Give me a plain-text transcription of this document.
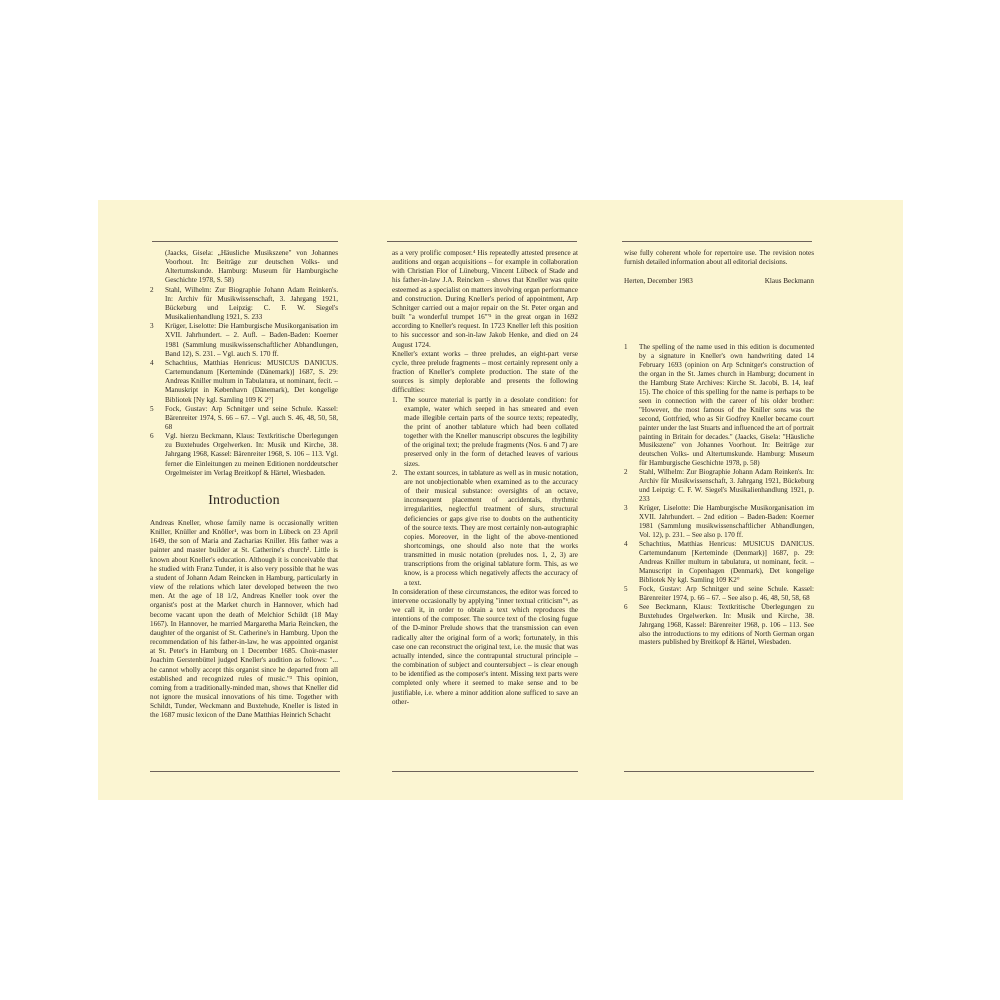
(Jaacks, Gisela: „Häusliche Musikszene" von Johannes Voorhout. In: Beiträge zur deutschen Volks- und Altertumskunde. Hamburg: Museum für Hamburgische Geschichte 1978, S. 58)
2 Stahl, Wilhelm: Zur Biographie Johann Adam Reinken's. In: Archiv für Musikwissenschaft, 3. Jahrgang 1921, Bückeburg und Leipzig: C. F. W. Siegel's Musikalienhandlung 1921, S. 233
3 Krüger, Liselotte: Die Hamburgische Musikorganisation im XVII. Jahrhundert. – 2. Aufl. – Baden-Baden: Koerner 1981 (Sammlung musikwissenschaftlicher Abhandlungen, Band 12), S. 231. – Vgl. auch S. 170 ff.
4 Schachtius, Matthias Henricus: MUSICUS DANICUS. Cartemundanum [Kerteminde (Dänemark)] 1687, S. 29: Andreas Kniller multum in Tabulatura, ut nominant, fecit. – Manuskript in København (Dänemark), Det kongelige Bibliotek [Ny kgl. Samling 109 K 2°]
5 Fock, Gustav: Arp Schnitger und seine Schule. Kassel: Bärenreiter 1974, S. 66 – 67. – Vgl. auch S. 46, 48, 50, 58, 68
6 Vgl. hierzu Beckmann, Klaus: Textkritische Überlegungen zu Buxtehudes Orgelwerken. In: Musik und Kirche, 38. Jahrgang 1968, Kassel: Bärenreiter 1968, S. 106 – 113. Vgl. ferner die Einleitungen zu meinen Editionen norddeutscher Orgelmeister im Verlag Breitkopf & Härtel, Wiesbaden.
Introduction

Andreas Kneller, whose family name is occasionally written Kniller, Knüller and Knöller¹, was born in Lübeck on 23 April 1649, the son of Maria and Zacharias Kniller. His father was a painter and master builder at St. Catherine's church². Little is known about Kneller's education. Although it is conceivable that he studied with Franz Tunder, it is also very possible that he was a student of Johann Adam Reincken in Hamburg, particularly in view of the relations which later developed between the two men. At the age of 18 1/2, Andreas Kneller took over the organist's post at the Market church in Hannover, which had become vacant upon the death of Melchior Schildt (18 May 1667). In Hannover, he married Margaretha Maria Reincken, the daughter of the organist of St. Catherine's in Hamburg. Upon the recommendation of his father-in-law, he was appointed organist at St. Peter's in Hamburg on 1 December 1685. Choir-master Joachim Gerstenbüttel judged Kneller's audition as follows: "... he cannot wholly accept this organist since he departed from all established and recognized rules of music."³ This opinion, coming from a traditionally-minded man, shows that Kneller did not ignore the musical innovations of his time. Together with Schildt, Tunder, Weckmann and Buxtehude, Kneller is listed in the 1687 music lexicon of the Dane Matthias Heinrich Schacht

as a very prolific composer.⁴ His repeatedly attested presence at auditions and organ acquisitions – for example in collaboration with Christian Flor of Lüneburg, Vincent Lübeck of Stade and his father-in-law J.A. Reincken – shows that Kneller was quite esteemed as a specialist on matters involving organ performance and construction. During Kneller's period of appointment, Arp Schnitger carried out a major repair on the St. Peter organ and built "a wonderful trumpet 16'"⁵ in the great organ in 1692 according to Kneller's request. In 1723 Kneller left this position to his successor and son-in-law Jakob Henke, and died on 24 August 1724.

Kneller's extant works – three preludes, an eight-part verse cycle, three prelude fragments – most certainly represent only a fraction of Kneller's complete production. The state of the sources is simply deplorable and presents the following difficulties:

1. The source material is partly in a desolate condition: for example, water which seeped in has smeared and even made illegible certain parts of the source texts; repeatedly, the print of another tablature which had been collated together with the Kneller manuscript obscures the legibility of the original text; the prelude fragments (Nos. 6 and 7) are preserved only in the form of detached leaves of various sizes.
2. The extant sources, in tablature as well as in music notation, are not unobjectionable when examined as to the accuracy of their musical substance: oversights of an octave, inconsequent placement of accidentals, rhythmic irregularities, neglectful treatment of slurs, structural deficiencies or gaps give rise to doubts on the authenticity of the source texts. They are most certainly non-autographic copies. Moreover, in the light of the above-mentioned shortcomings, one should also note that the works transmitted in music notation (preludes nos. 1, 2, 3) are transcriptions from the original tablature form. This, as we know, is a process which negatively affects the accuracy of a text.

In consideration of these circumstances, the editor was forced to intervene occasionally by applying "inner textual criticism"⁶, as we call it, in order to obtain a text which reproduces the intentions of the composer. The source text of the closing fugue of the D-minor Prelude shows that the transmission can even radically alter the original form of a work; fortunately, in this case one can reconstruct the original text, i.e. the music that was actually intended, since the contrapuntal structural principle – the combination of subject and countersubject – is clear enough to be identified as the composer's intent. Missing text parts were completed only where it seemed to make sense and to be justifiable, i.e. where a minor addition alone sufficed to save an other-

wise fully coherent whole for repertoire use. The revision notes furnish detailed information about all editorial decisions.

Herten, December 1983	Klaus Beckmann
1 The spelling of the name used in this edition is documented by a signature in Kneller's own handwriting dated 14 February 1693 (opinion on Arp Schnitger's construction of the organ in the St. James church in Hamburg; document in the Hamburg State Archives: Kirche St. Jacobi, B. 14, leaf 15). The choice of this spelling for the name is perhaps to be seen in connection with the career of his older brother: "However, the most famous of the Kniller sons was the second, Gottfried, who as Sir Godfrey Kneller became court painter under the last Stuarts and influenced the art of portrait painting in Britain for decades." (Jaacks, Gisela: "Häusliche Musikszene" von Johannes Voorhout. In: Beiträge zur deutschen Volks- und Altertumskunde. Hamburg: Museum für Hamburgische Geschichte 1978, p. 58)
2 Stahl, Wilhelm: Zur Biographie Johann Adam Reinken's. In: Archiv für Musikwissenschaft, 3. Jahrgang 1921, Bückeburg und Leipzig: C. F. W. Siegel's Musikalienhandlung 1921, p. 233
3 Krüger, Liselotte: Die Hamburgische Musikorganisation im XVII. Jahrhundert. – 2nd edition – Baden-Baden: Koerner 1981 (Sammlung musikwissenschaftlicher Abhandlungen, Vol. 12), p. 231. – See also p. 170 ff.
4 Schachtius, Matthias Henricus: MUSICUS DANICUS. Cartemundanum [Kerteminde (Denmark)] 1687, p. 29: Andreas Kniller multum in tabulatura, ut nominant, fecit. – Manuscript in Copenhagen (Denmark), Det kongelige Bibliotek Ny kgl. Samling 109 K2°
5 Fock, Gustav: Arp Schnitger und seine Schule. Kassel: Bärenreiter 1974, p. 66 – 67. – See also p. 46, 48, 50, 58, 68
6 See Beckmann, Klaus: Textkritische Überlegungen zu Buxtehudes Orgelwerken. In: Musik und Kirche, 38. Jahrgang 1968, Kassel: Bärenreiter 1968, p. 106 – 113. See also the introductions to my editions of North German organ masters published by Breitkopf & Härtel, Wiesbaden.
